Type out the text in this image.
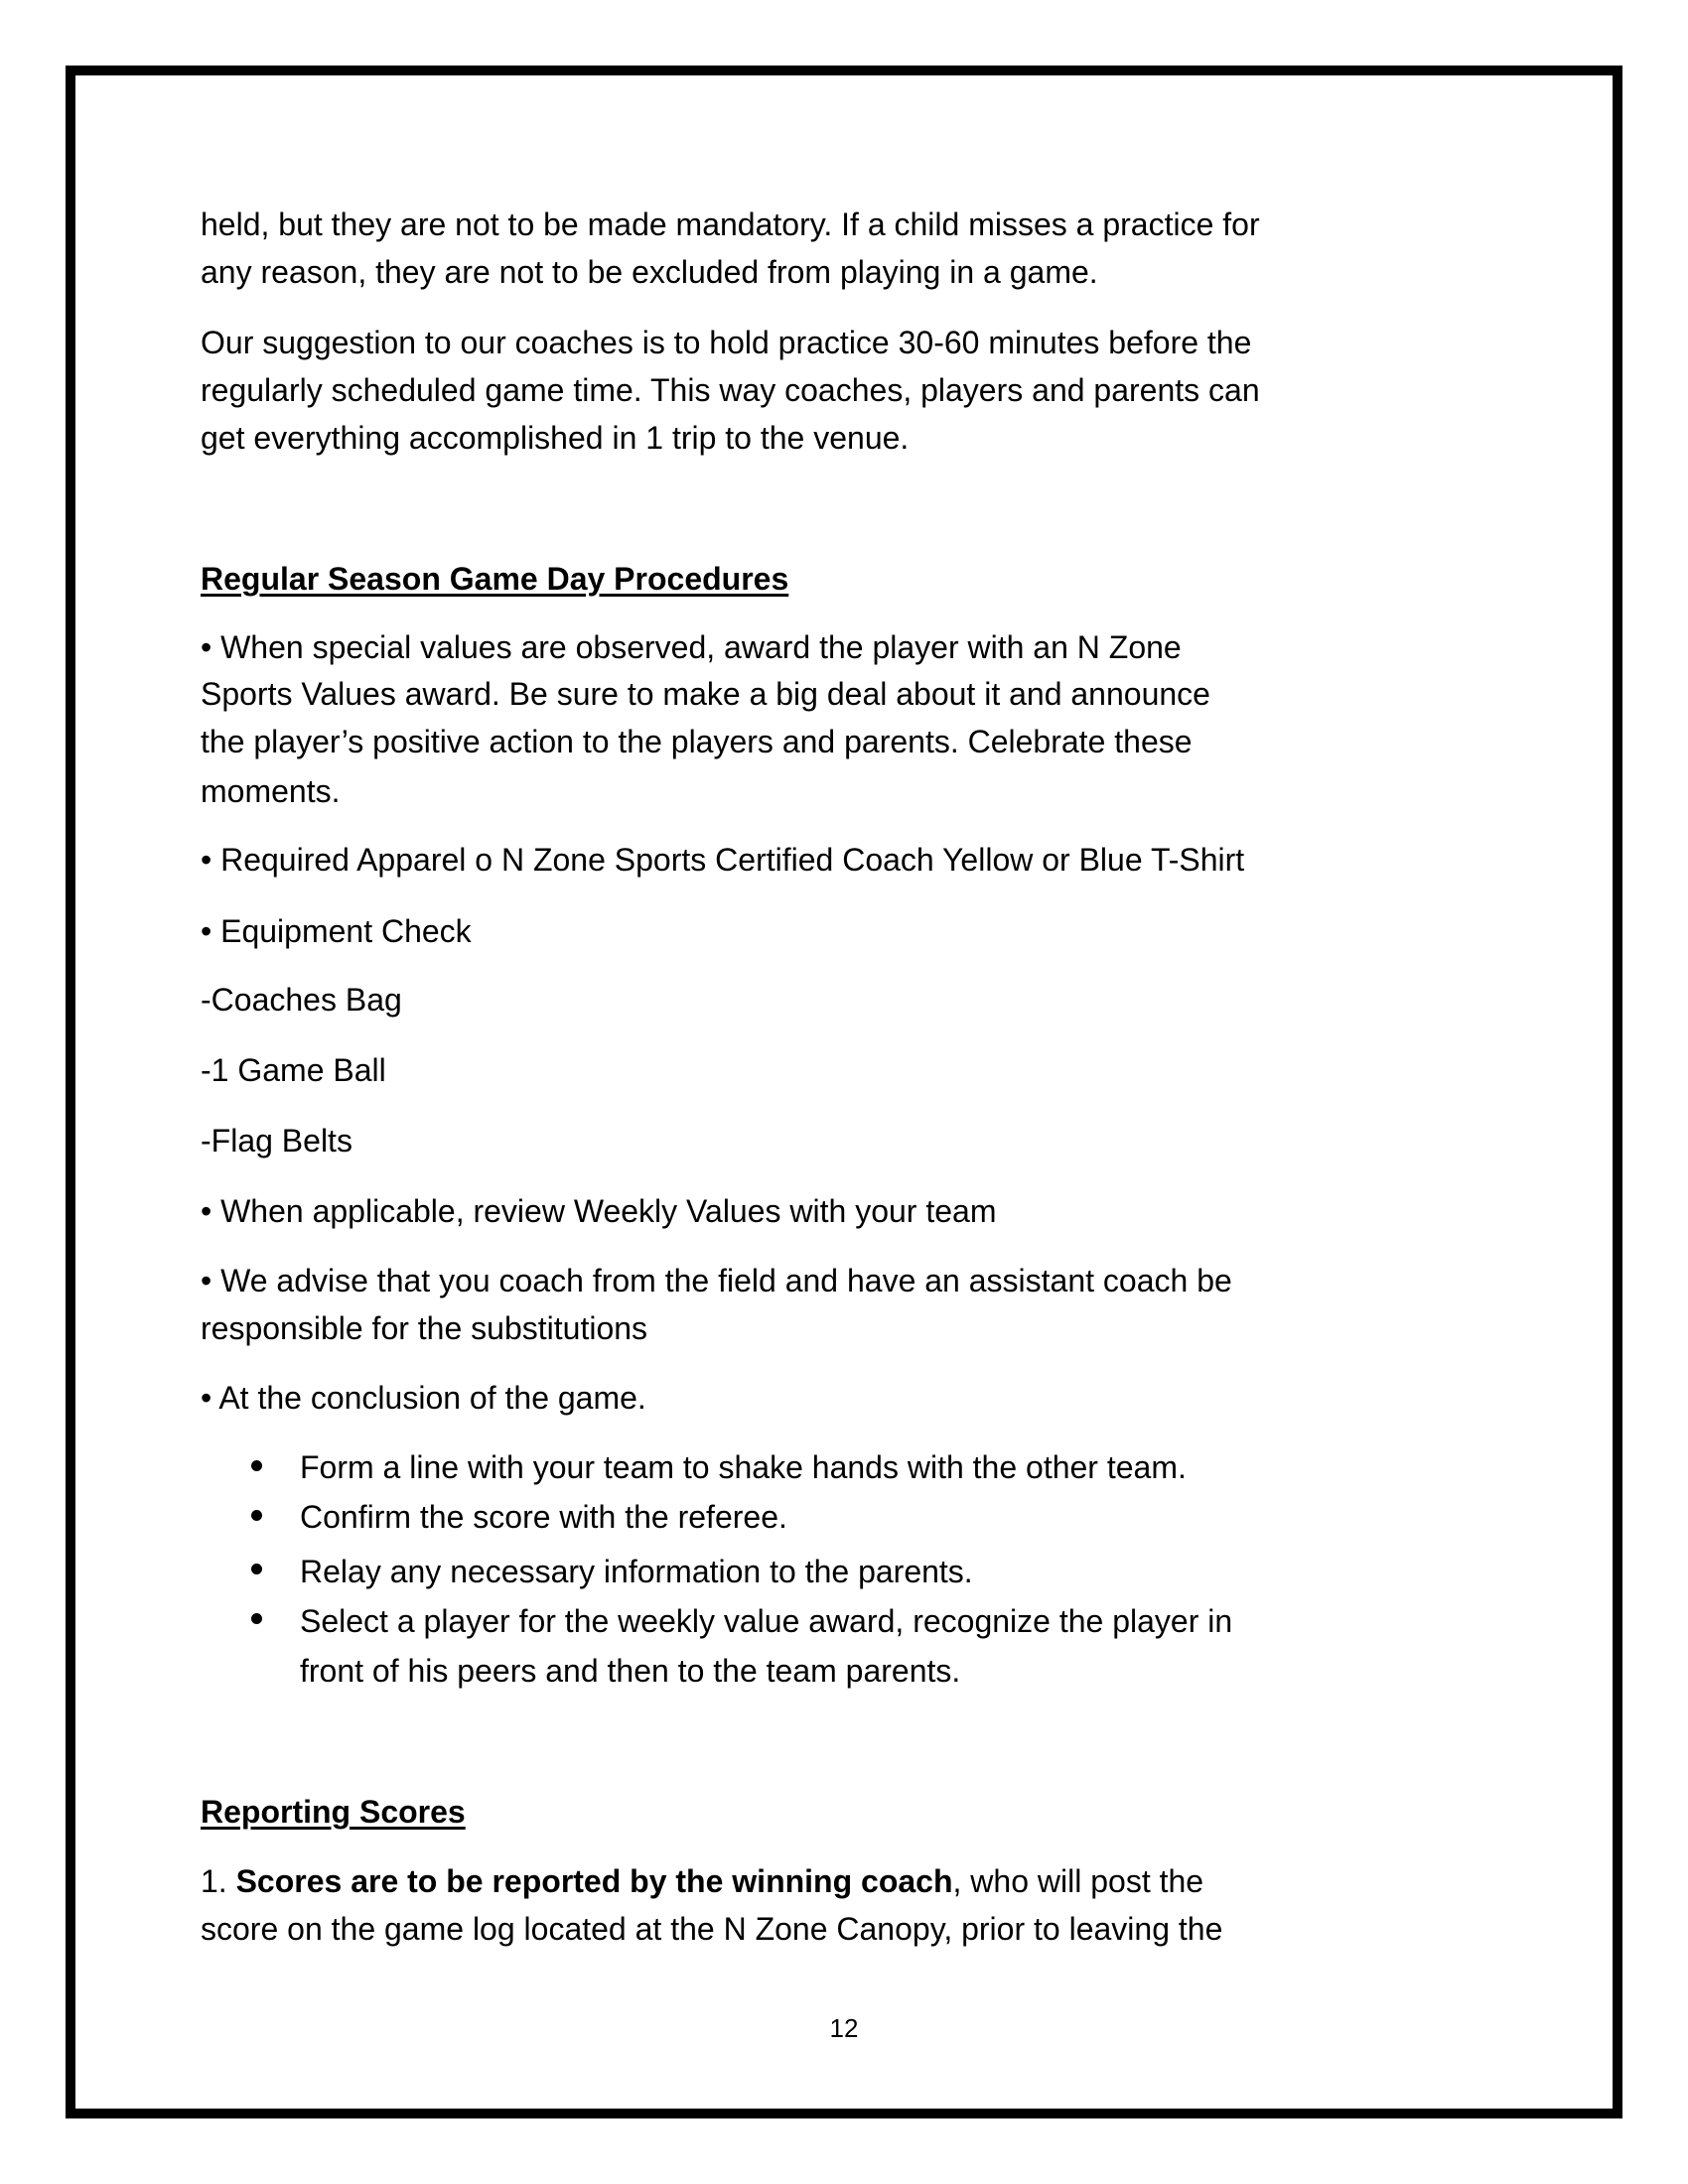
held, but they are not to be made mandatory. If a child misses a practice for
any reason, they are not to be excluded from playing in a game.
Our suggestion to our coaches is to hold practice 30-60 minutes before the
regularly scheduled game time. This way coaches, players and parents can
get everything accomplished in 1 trip to the venue.
Regular Season Game Day Procedures
• When special values are observed, award the player with an N Zone
Sports Values award. Be sure to make a big deal about it and announce
the player’s positive action to the players and parents. Celebrate these
moments.
• Required Apparel o N Zone Sports Certified Coach Yellow or Blue T-Shirt
• Equipment Check
-Coaches Bag
-1 Game Ball
-Flag Belts
• When applicable, review Weekly Values with your team
• We advise that you coach from the field and have an assistant coach be
responsible for the substitutions
• At the conclusion of the game.
Form a line with your team to shake hands with the other team.
Confirm the score with the referee.
Relay any necessary information to the parents.
Select a player for the weekly value award, recognize the player in
front of his peers and then to the team parents.
Reporting Scores
1. Scores are to be reported by the winning coach, who will post the
score on the game log located at the N Zone Canopy, prior to leaving the
12
